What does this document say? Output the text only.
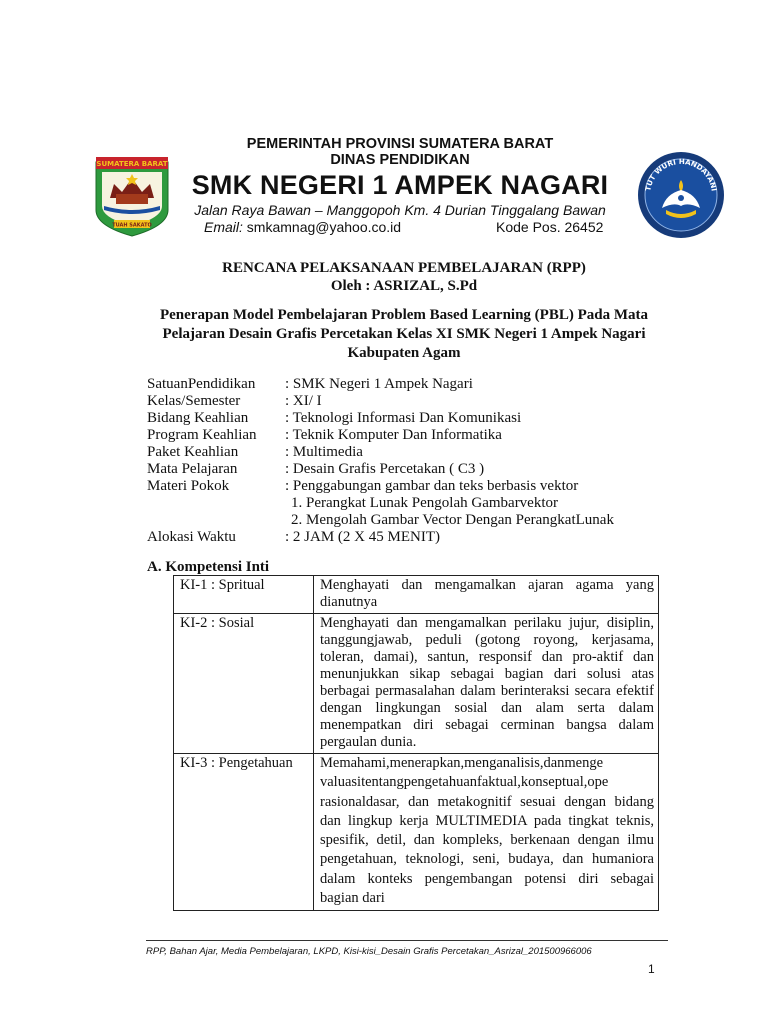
SUMATERA BARAT
TUAH SAKATO
TUT WURI HANDAYANI
PEMERINTAH PROVINSI SUMATERA BARAT
DINAS PENDIDIKAN
SMK NEGERI 1 AMPEK NAGARI
Jalan Raya Bawan – Manggopoh Km. 4 Durian Tinggalang Bawan
Email: smkamnag@yahoo.co.id	Kode Pos. 26452
RENCANA PELAKSANAAN PEMBELAJARAN (RPP)
Oleh : ASRIZAL, S.Pd
Penerapan Model Pembelajaran Problem Based Learning (PBL) Pada Mata Pelajaran Desain Grafis Percetakan Kelas XI SMK Negeri 1 Ampek Nagari Kabupaten Agam
SatuanPendidikan : SMK Negeri 1 Ampek Nagari
Kelas/Semester	: XI/ I
Bidang Keahlian : Teknologi Informasi Dan Komunikasi
Program Keahlian : Teknik Komputer Dan Informatika
Paket Keahlian	: Multimedia
Mata Pelajaran	: Desain Grafis Percetakan ( C3 )
Materi Pokok	: Penggabungan gambar dan teks berbasis vektor
1. Perangkat Lunak Pengolah Gambarvektor
2. Mengolah Gambar Vector Dengan PerangkatLunak
Alokasi Waktu	: 2 JAM (2 X 45 MENIT)
A. Kompetensi Inti
KI-1 : Spritual	Menghayati dan mengamalkan ajaran agama yang dianutnya
KI-2 : Sosial	Menghayati dan mengamalkan perilaku jujur, disiplin, tanggungjawab, peduli (gotong royong, kerjasama, toleran, damai), santun, responsif dan pro-aktif dan menunjukkan sikap sebagai bagian dari solusi atas berbagai permasalahan dalam berinteraksi secara efektif dengan lingkungan sosial dan alam serta dalam menempatkan diri sebagai cerminan bangsa dalam pergaulan dunia.
KI-3 : Pengetahuan	Memahami,menerapkan,menganalisis,danmenge valuasitentangpengetahuanfaktual,konseptual,ope rasionaldasar, dan metakognitif sesuai dengan bidang dan lingkup kerja MULTIMEDIA pada tingkat teknis, spesifik, detil, dan kompleks, berkenaan dengan ilmu pengetahuan, teknologi, seni, budaya, dan humaniora dalam konteks pengembangan potensi diri sebagai bagian dari
RPP, Bahan Ajar, Media Pembelajaran, LKPD, Kisi-kisi_Desain Grafis Percetakan_Asrizal_201500966006
1
